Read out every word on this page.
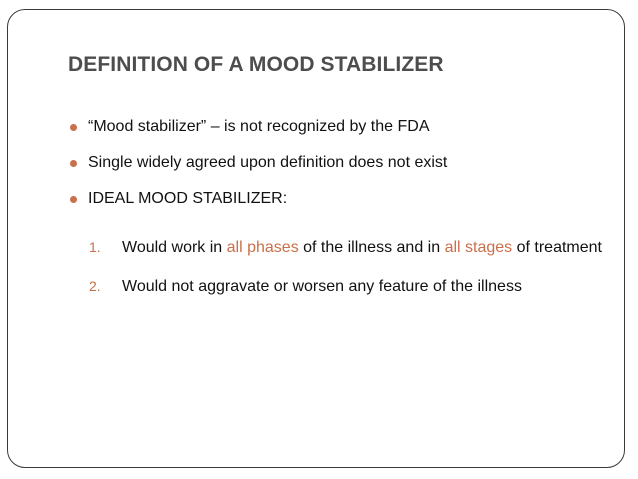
DEFINITION OF A MOOD STABILIZER
“Mood stabilizer” – is not recognized by the FDA
Single widely agreed upon definition does not exist
IDEAL MOOD STABILIZER:
1. Would work in all phases of the illness and in all stages of treatment
2. Would not aggravate or worsen any feature of the illness
